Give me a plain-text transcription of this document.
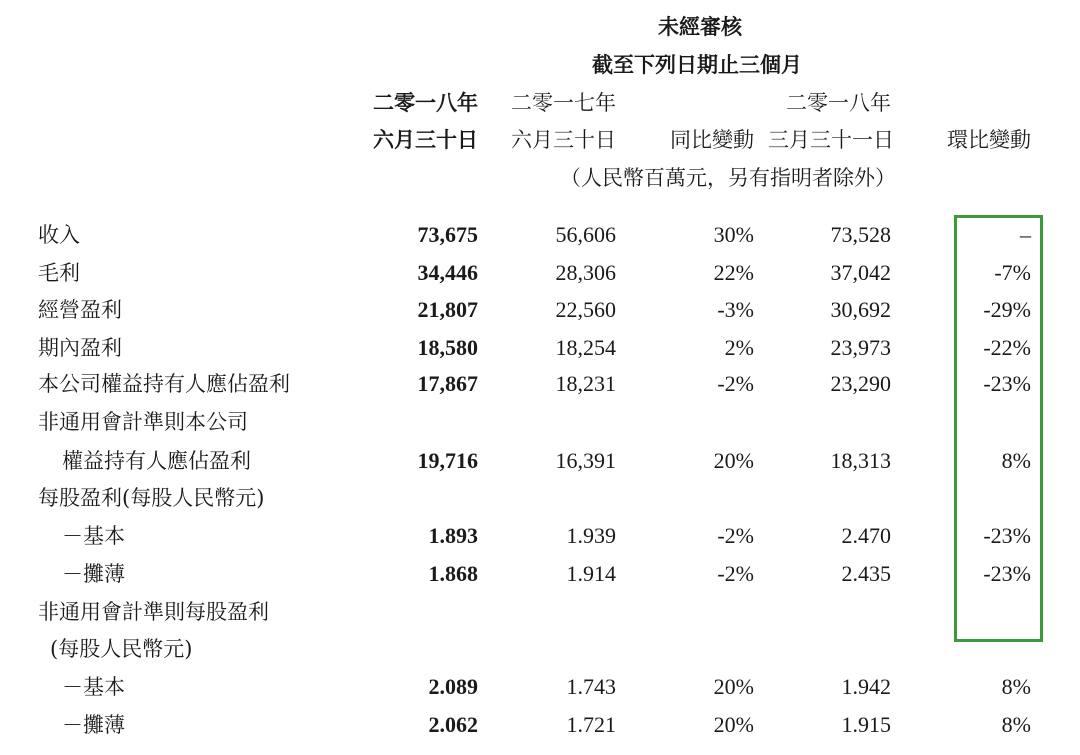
未經審核
截至下列日期止三個月
二零一八年
六月三十日
二零一七年
六月三十日	同比變動
二零一八年
三月三十一日	環比變動
（人民幣百萬元，另有指明者除外）
收入	73,675	56,606	30%	73,528	–
毛利	34,446	28,306	22%	37,042	-7%
經營盈利	21,807	22,560	-3%	30,692	-29%
期內盈利	18,580	18,254	2%	23,973	-22%
本公司權益持有人應佔盈利	17,867	18,231	-2%	23,290	-23%
非通用會計準則本公司
權益持有人應佔盈利	19,716	16,391	20%	18,313	8%
每股盈利(每股人民幣元)
－基本	1.893	1.939	-2%	2.470	-23%
－攤薄	1.868	1.914	-2%	2.435	-23%
非通用會計準則每股盈利
(每股人民幣元)
－基本	2.089	1.743	20%	1.942	8%
－攤薄	2.062	1.721	20%	1.915	8%
